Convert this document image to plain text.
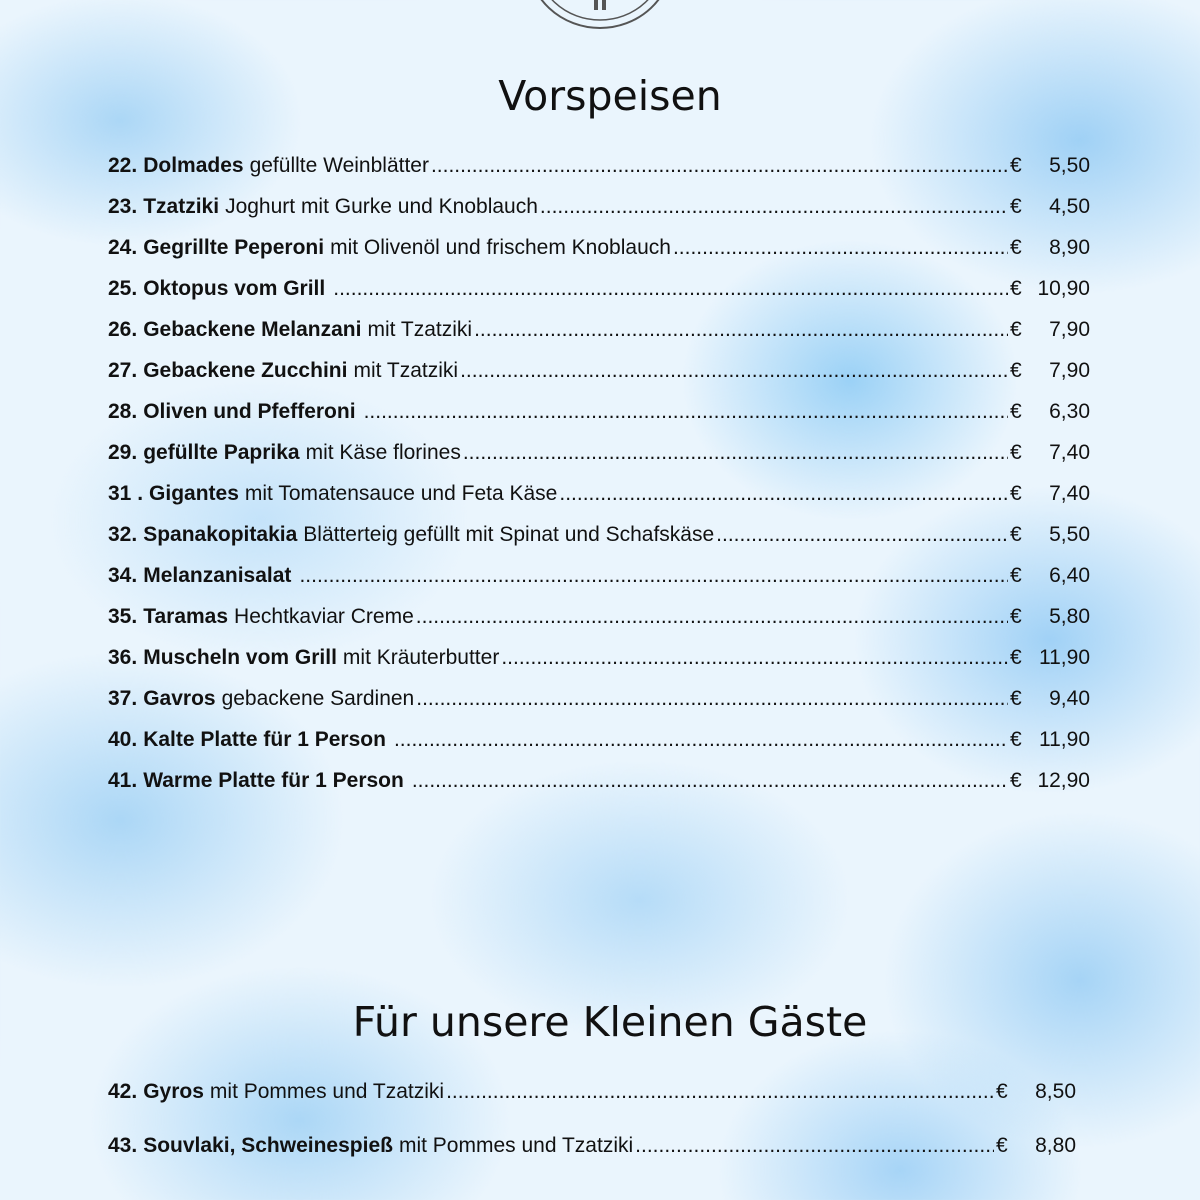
Vorspeisen
22. Dolmades gefüllte Weinblätter .....	€ 5,50
23. Tzatziki Joghurt mit Gurke und Knoblauch .....	€ 4,50
24. Gegrillte Peperoni mit Olivenöl und frischem Knoblauch .....	€ 8,90
25. Oktopus vom Grill .....	€ 10,90
26. Gebackene Melanzani mit Tzatziki .....	€ 7,90
27. Gebackene Zucchini mit Tzatziki .....	€ 7,90
28. Oliven und Pfefferoni .....	€ 6,30
29. gefüllte Paprika mit Käse florines .....	€ 7,40
31 . Gigantes mit Tomatensauce und Feta Käse .....	€ 7,40
32. Spanakopitakia Blätterteig gefüllt mit Spinat und Schafskäse .....	€ 5,50
34. Melanzanisalat .....	€ 6,40
35. Taramas Hechtkaviar Creme .....	€ 5,80
36. Muscheln vom Grill mit Kräuterbutter .....	€ 11,90
37. Gavros gebackene Sardinen .....	€ 9,40
40. Kalte Platte für 1 Person .....	€ 11,90
41. Warme Platte für 1 Person .....	€ 12,90
Für unsere Kleinen Gäste
42. Gyros mit Pommes und Tzatziki .....	€ 8,50
43. Souvlaki, Schweinespieß mit Pommes und Tzatziki .....	€ 8,80
